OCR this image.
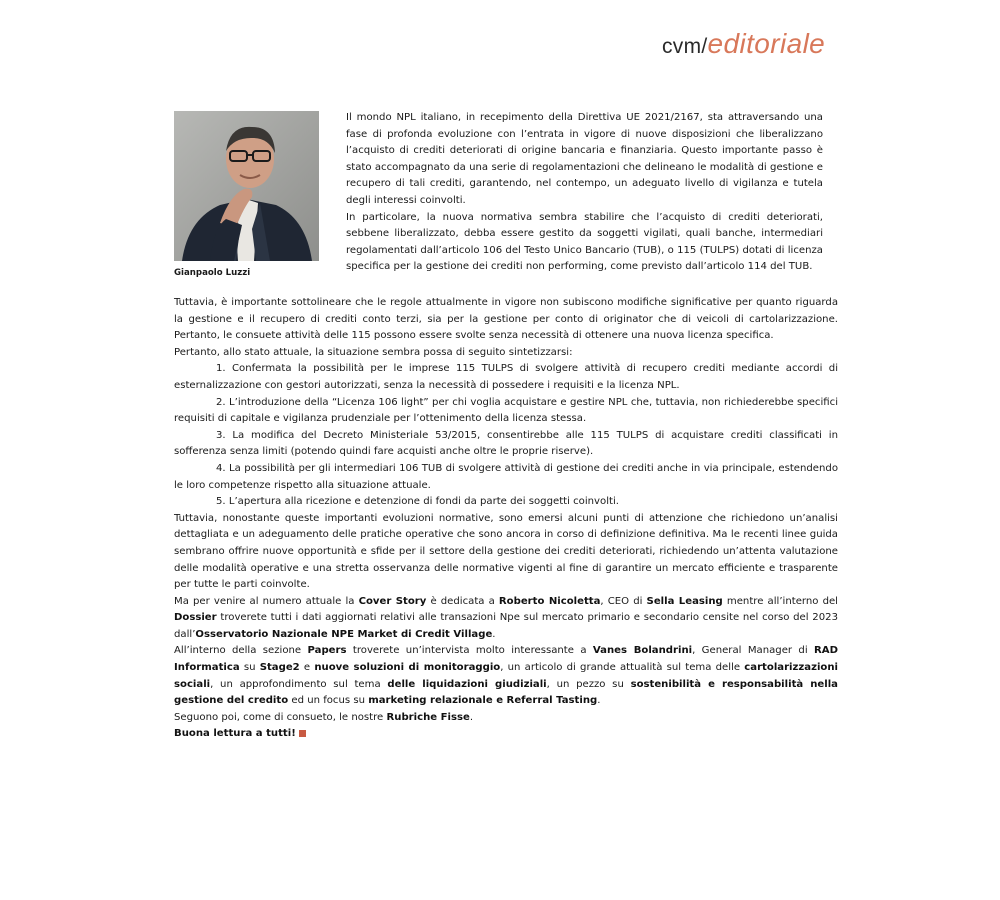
cvm/editoriale
Gianpaolo Luzzi

Il mondo NPL italiano, in recepimento della Direttiva UE 2021/2167, sta attraversando una fase di profonda evoluzione con l’entrata in vigore di nuove disposizioni che liberalizzano l’acquisto di crediti deteriorati di origine bancaria e finanziaria. Questo importante passo è stato accompagnato da una serie di regolamentazioni che delineano le modalità di gestione e recupero di tali crediti, garantendo, nel contempo, un adeguato livello di vigilanza e tutela degli interessi coinvolti.

In particolare, la nuova normativa sembra stabilire che l’acquisto di crediti deteriorati, sebbene liberalizzato, debba essere gestito da soggetti vigilati, quali banche, intermediari regolamentati dall’articolo 106 del Testo Unico Bancario (TUB), o 115 (TULPS) dotati di licenza specifica per la gestione dei crediti non performing, come previsto dall’articolo 114 del TUB.

Tuttavia, è importante sottolineare che le regole attualmente in vigore non subiscono modifiche significative per quanto riguarda la gestione e il recupero di crediti conto terzi, sia per la gestione per conto di originator che di veicoli di cartolarizzazione. Pertanto, le consuete attività delle 115 possono essere svolte senza necessità di ottenere una nuova licenza specifica.

Pertanto, allo stato attuale, la situazione sembra possa di seguito sintetizzarsi:

1. Confermata la possibilità per le imprese 115 TULPS di svolgere attività di recupero crediti mediante accordi di esternalizzazione con gestori autorizzati, senza la necessità di possedere i requisiti e la licenza NPL.

2. L’introduzione della “Licenza 106 light” per chi voglia acquistare e gestire NPL che, tuttavia, non richiederebbe specifici requisiti di capitale e vigilanza prudenziale per l’ottenimento della licenza stessa.

3. La modifica del Decreto Ministeriale 53/2015, consentirebbe alle 115 TULPS di acquistare crediti classificati in sofferenza senza limiti (potendo quindi fare acquisti anche oltre le proprie riserve).

4. La possibilità per gli intermediari 106 TUB di svolgere attività di gestione dei crediti anche in via principale, estendendo le loro competenze rispetto alla situazione attuale.

5. L’apertura alla ricezione e detenzione di fondi da parte dei soggetti coinvolti.

Tuttavia, nonostante queste importanti evoluzioni normative, sono emersi alcuni punti di attenzione che richiedono un’analisi dettagliata e un adeguamento delle pratiche operative che sono ancora in corso di definizione definitiva. Ma le recenti linee guida sembrano offrire nuove opportunità e sfide per il settore della gestione dei crediti deteriorati, richiedendo un’attenta valutazione delle modalità operative e una stretta osservanza delle normative vigenti al fine di garantire un mercato efficiente e trasparente per tutte le parti coinvolte.

Ma per venire al numero attuale la Cover Story è dedicata a Roberto Nicoletta, CEO di Sella Leasing mentre all’interno del Dossier troverete tutti i dati aggiornati relativi alle transazioni Npe sul mercato primario e secondario censite nel corso del 2023 dall’Osservatorio Nazionale NPE Market di Credit Village.

All’interno della sezione Papers troverete un’intervista molto interessante a Vanes Bolandrini, General Manager di RAD Informatica su Stage2 e nuove soluzioni di monitoraggio, un articolo di grande attualità sul tema delle cartolarizzazioni sociali, un approfondimento sul tema delle liquidazioni giudiziali, un pezzo su sostenibilità e responsabilità nella gestione del credito ed un focus su marketing relazionale e Referral Tasting.

Seguono poi, come di consueto, le nostre Rubriche Fisse.

Buona lettura a tutti!
